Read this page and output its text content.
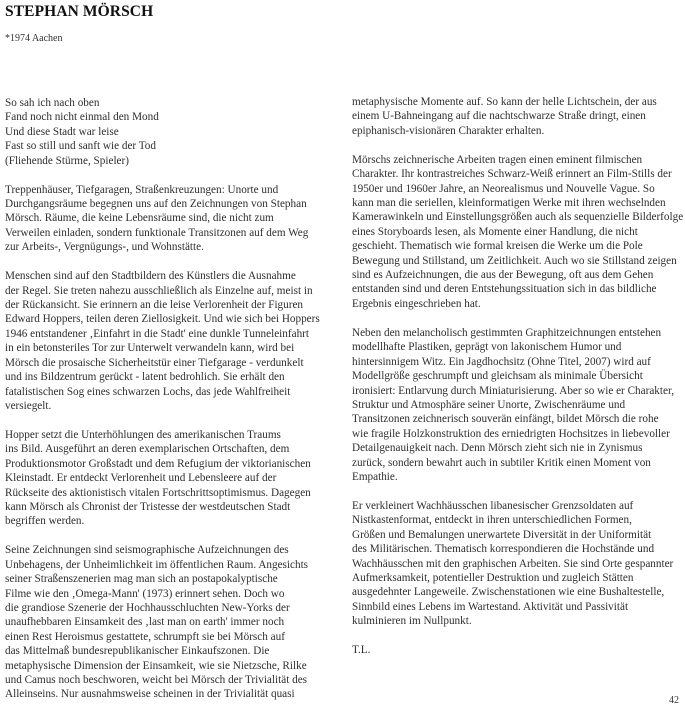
STEPHAN MÖRSCH
*1974 Aachen

So sah ich nach oben
Fand noch nicht einmal den Mond
Und diese Stadt war leise
Fast so still und sanft wie der Tod
(Fliehende Stürme, Spieler)

Treppenhäuser, Tiefgaragen, Straßenkreuzungen: Unorte und
Durchgangsräume begegnen uns auf den Zeichnungen von Stephan
Mörsch. Räume, die keine Lebensräume sind, die nicht zum
Verweilen einladen, sondern funktionale Transitzonen auf dem Weg
zur Arbeits-, Vergnügungs-, und Wohnstätte.

Menschen sind auf den Stadtbildern des Künstlers die Ausnahme
der Regel. Sie treten nahezu ausschließlich als Einzelne auf, meist in
der Rückansicht. Sie erinnern an die leise Verlorenheit der Figuren
Edward Hoppers, teilen deren Ziellosigkeit. Und wie sich bei Hoppers
1946 entstandener ‚Einfahrt in die Stadt' eine dunkle Tunneleinfahrt
in ein betonsteriles Tor zur Unterwelt verwandeln kann, wird bei
Mörsch die prosaische Sicherheitstür einer Tiefgarage - verdunkelt
und ins Bildzentrum gerückt - latent bedrohlich. Sie erhält den
fatalistischen Sog eines schwarzen Lochs, das jede Wahlfreiheit
versiegelt.

Hopper setzt die Unterhöhlungen des amerikanischen Traums
ins Bild. Ausgeführt an deren exemplarischen Ortschaften, dem
Produktionsmotor Großstadt und dem Refugium der viktorianischen
Kleinstadt. Er entdeckt Verlorenheit und Lebensleere auf der
Rückseite des aktionistisch vitalen Fortschrittsoptimismus. Dagegen
kann Mörsch als Chronist der Tristesse der westdeutschen Stadt
begriffen werden.

Seine Zeichnungen sind seismographische Aufzeichnungen des
Unbehagens, der Unheimlichkeit im öffentlichen Raum. Angesichts
seiner Straßenszenerien mag man sich an postapokalyptische
Filme wie den ‚Omega-Mann' (1973) erinnert sehen. Doch wo
die grandiose Szenerie der Hochhausschluchten New-Yorks der
unaufhebbaren Einsamkeit des ‚last man on earth' immer noch
einen Rest Heroismus gestattete, schrumpft sie bei Mörsch auf
das Mittelmaß bundesrepublikanischer Einkaufszonen. Die
metaphysische Dimension der Einsamkeit, wie sie Nietzsche, Rilke
und Camus noch beschworen, weicht bei Mörsch der Trivialität des
Alleinseins. Nur ausnahmsweise scheinen in der Trivialität quasi

metaphysische Momente auf. So kann der helle Lichtschein, der aus
einem U-Bahneingang auf die nachtschwarze Straße dringt, einen
epiphanisch-visionären Charakter erhalten.

Mörschs zeichnerische Arbeiten tragen einen eminent filmischen
Charakter. Ihr kontrastreiches Schwarz-Weiß erinnert an Film-Stills der
1950er und 1960er Jahre, an Neorealismus und Nouvelle Vague. So
kann man die seriellen, kleinformatigen Werke mit ihren wechselnden
Kamerawinkeln und Einstellungsgrößen auch als sequenzielle Bilderfolge
eines Storyboards lesen, als Momente einer Handlung, die nicht
geschieht. Thematisch wie formal kreisen die Werke um die Pole
Bewegung und Stillstand, um Zeitlichkeit. Auch wo sie Stillstand zeigen
sind es Aufzeichnungen, die aus der Bewegung, oft aus dem Gehen
entstanden sind und deren Entstehungssituation sich in das bildliche
Ergebnis eingeschrieben hat.

Neben den melancholisch gestimmten Graphitzeichnungen entstehen
modellhafte Plastiken, geprägt von lakonischem Humor und
hintersinnigem Witz. Ein Jagdhochsitz (Ohne Titel, 2007) wird auf
Modellgröße geschrumpft und gleichsam als minimale Übersicht
ironisiert: Entlarvung durch Miniaturisierung. Aber so wie er Charakter,
Struktur und Atmosphäre seiner Unorte, Zwischenräume und
Transitzonen zeichnerisch souverän einfängt, bildet Mörsch die rohe
wie fragile Holzkonstruktion des erniedrigten Hochsitzes in liebevoller
Detailgenauigkeit nach. Denn Mörsch zieht sich nie in Zynismus
zurück, sondern bewahrt auch in subtiler Kritik einen Moment von
Empathie.

Er verkleinert Wachhäusschen libanesischer Grenzsoldaten auf
Nistkastenformat, entdeckt in ihren unterschiedlichen Formen,
Größen und Bemalungen unerwartete Diversität in der Uniformität
des Militärischen. Thematisch korrespondieren die Hochstände und
Wachhäusschen mit den graphischen Arbeiten. Sie sind Orte gespannter
Aufmerksamkeit, potentieller Destruktion und zugleich Stätten
ausgedehnter Langeweile. Zwischenstationen wie eine Bushaltestelle,
Sinnbild eines Lebens im Wartestand. Aktivität und Passivität
kulminieren im Nullpunkt.

T.L.

42
